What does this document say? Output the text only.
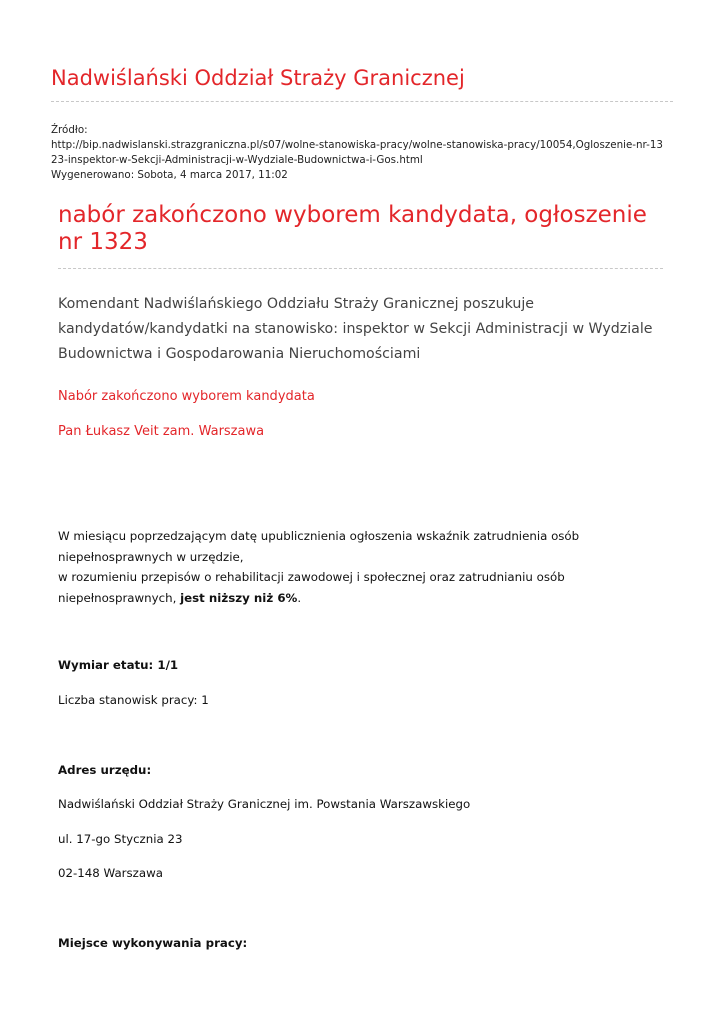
Nadwiślański Oddział Straży Granicznej
Źródło:
http://bip.nadwislanski.strazgraniczna.pl/s07/wolne-stanowiska-pracy/wolne-stanowiska-pracy/10054,Ogloszenie-nr-13
23-inspektor-w-Sekcji-Administracji-w-Wydziale-Budownictwa-i-Gos.html
Wygenerowano: Sobota, 4 marca 2017, 11:02
nabór zakończono wyborem kandydata, ogłoszenie
nr 1323
Komendant Nadwiślańskiego Oddziału Straży Granicznej poszukuje
kandydatów/kandydatki na stanowisko: inspektor w Sekcji Administracji w Wydziale
Budownictwa i Gospodarowania Nieruchomościami
Nabór zakończono wyborem kandydata
Pan Łukasz Veit zam. Warszawa
W miesiącu poprzedzającym datę upublicznienia ogłoszenia wskaźnik zatrudnienia osób
niepełnosprawnych w urzędzie,
w rozumieniu przepisów o rehabilitacji zawodowej i społecznej oraz zatrudnianiu osób
niepełnosprawnych, jest niższy niż 6%.
Wymiar etatu: 1/1
Liczba stanowisk pracy: 1
Adres urzędu:
Nadwiślański Oddział Straży Granicznej im. Powstania Warszawskiego
ul. 17-go Stycznia 23
02-148 Warszawa
Miejsce wykonywania pracy:
